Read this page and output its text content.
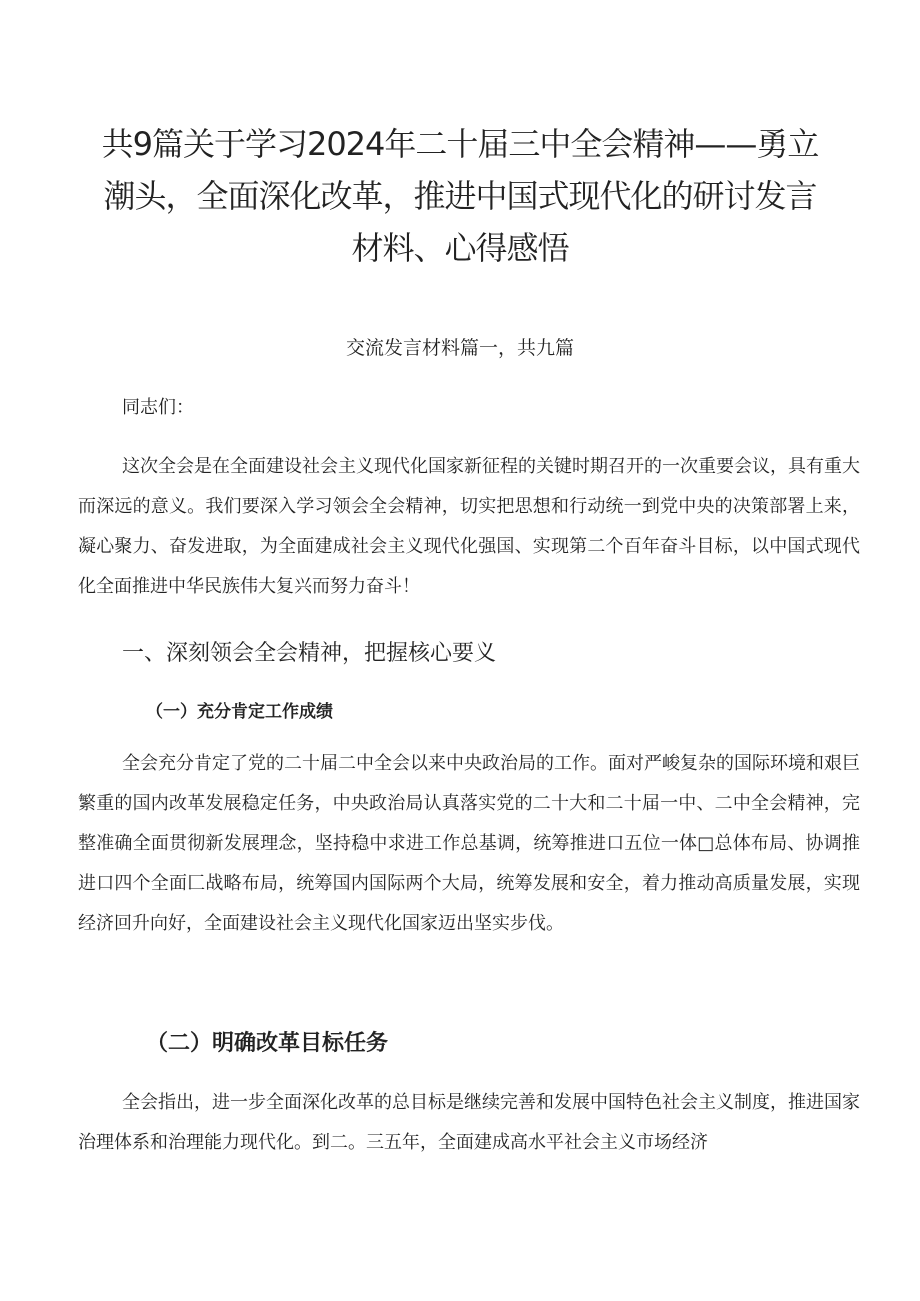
共9篇关于学习2024年二十届三中全会精神——勇立潮头，全面深化改革，推进中国式现代化的研讨发言材料、心得感悟

交流发言材料篇一，共九篇

同志们：

这次全会是在全面建设社会主义现代化国家新征程的关键时期召开的一次重要会议，具有重大而深远的意义。我们要深入学习领会全会精神，切实把思想和行动统一到党中央的决策部署上来，凝心聚力、奋发进取，为全面建成社会主义现代化强国、实现第二个百年奋斗目标，以中国式现代化全面推进中华民族伟大复兴而努力奋斗！

一、深刻领会全会精神，把握核心要义
（一）充分肯定工作成绩

全会充分肯定了党的二十届二中全会以来中央政治局的工作。面对严峻复杂的国际环境和艰巨繁重的国内改革发展稳定任务，中央政治局认真落实党的二十大和二十届一中、二中全会精神，完整准确全面贯彻新发展理念，坚持稳中求进工作总基调，统筹推进口五位一体□总体布局、协调推进口四个全面匚战略布局，统筹国内国际两个大局，统筹发展和安全，着力推动高质量发展，实现经济回升向好，全面建设社会主义现代化国家迈出坚实步伐。

（二）明确改革目标任务

全会指出，进一步全面深化改革的总目标是继续完善和发展中国特色社会主义制度，推进国家治理体系和治理能力现代化。到二。三五年，全面建成高水平社会主义市场经济
